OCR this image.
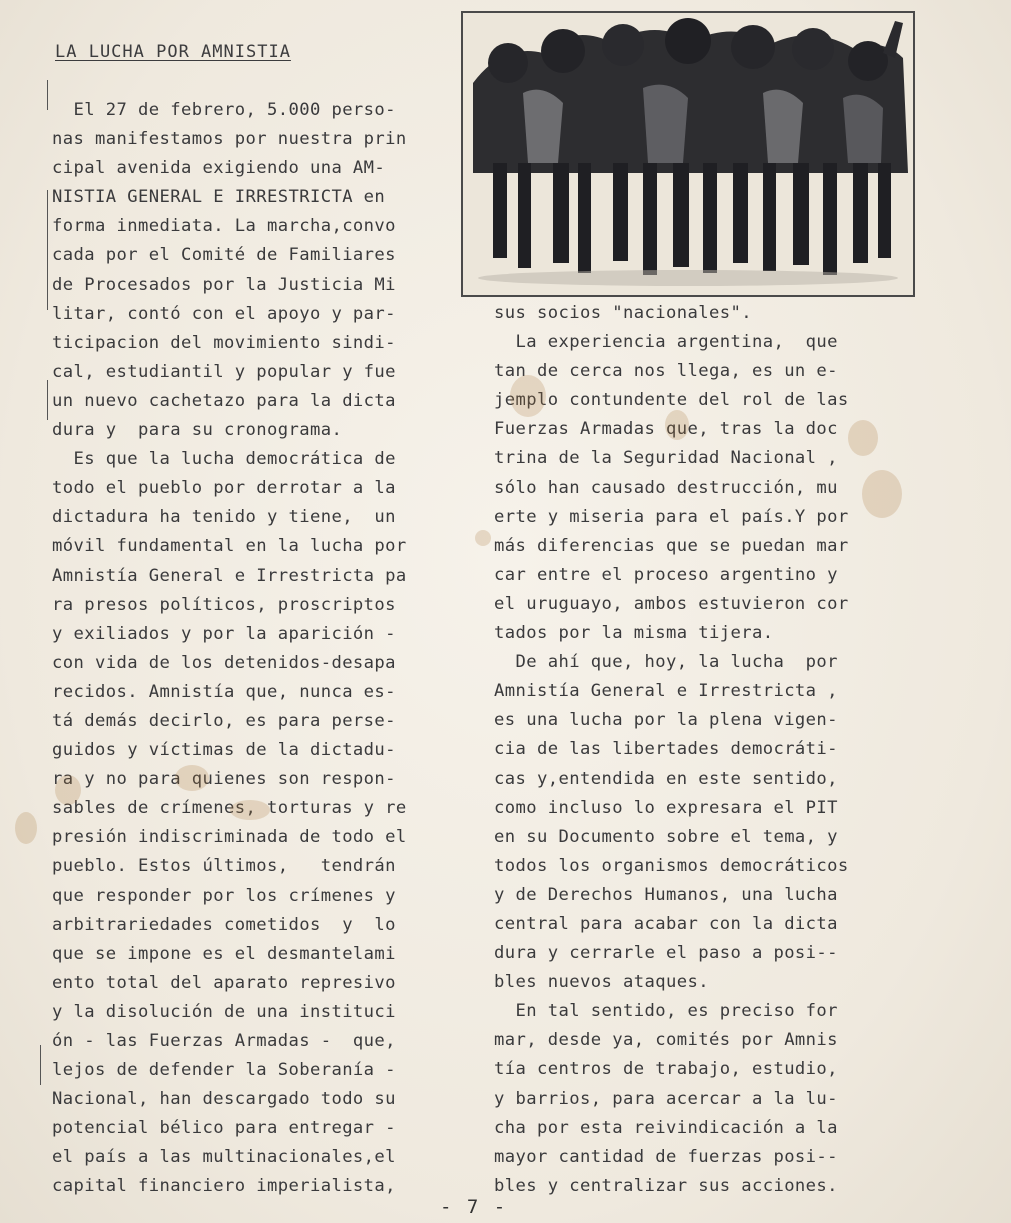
LA LUCHA POR AMNISTIA
El 27 de febrero, 5.000 perso-
nas manifestamos por nuestra prin
cipal avenida exigiendo una AM-
NISTIA GENERAL E IRRESTRICTA en
forma inmediata. La marcha,convo
cada por el Comité de Familiares
de Procesados por la Justicia Mi
litar, contó con el apoyo y par-
ticipacion del movimiento sindi-
cal, estudiantil y popular y fue
un nuevo cachetazo para la dicta
dura y  para su cronograma.
Es que la lucha democrática de
todo el pueblo por derrotar a la
dictadura ha tenido y tiene,  un
móvil fundamental en la lucha por
Amnistía General e Irrestricta pa
ra presos políticos, proscriptos
y exiliados y por la aparición -
con vida de los detenidos-desapa
recidos. Amnistía que, nunca es-
tá demás decirlo, es para perse-
guidos y víctimas de la dictadu-
ra y no para quienes son respon-
sables de crímenes, torturas y re
presión indiscriminada de todo el
pueblo. Estos últimos,   tendrán
que responder por los crímenes y
arbitrariedades cometidos  y  lo
que se impone es el desmantelami
ento total del aparato represivo
y la disolución de una instituci
ón - las Fuerzas Armadas -  que,
lejos de defender la Soberanía -
Nacional, han descargado todo su
potencial bélico para entregar -
el país a las multinacionales,el
capital financiero imperialista,
sus socios "nacionales".
La experiencia argentina,  que
tan de cerca nos llega, es un e-
jemplo contundente del rol de las
Fuerzas Armadas que, tras la doc
trina de la Seguridad Nacional ,
sólo han causado destrucción, mu
erte y miseria para el país.Y por
más diferencias que se puedan mar
car entre el proceso argentino y
el uruguayo, ambos estuvieron cor
tados por la misma tijera.
De ahí que, hoy, la lucha  por
Amnistía General e Irrestricta ,
es una lucha por la plena vigen-
cia de las libertades democráti-
cas y,entendida en este sentido,
como incluso lo expresara el PIT
en su Documento sobre el tema, y
todos los organismos democráticos
y de Derechos Humanos, una lucha
central para acabar con la dicta
dura y cerrarle el paso a posi--
bles nuevos ataques.
En tal sentido, es preciso for
mar, desde ya, comités por Amnis
tía centros de trabajo, estudio,
y barrios, para acercar a la lu-
cha por esta reivindicación a la
mayor cantidad de fuerzas posi--
bles y centralizar sus acciones.
- 7 -
